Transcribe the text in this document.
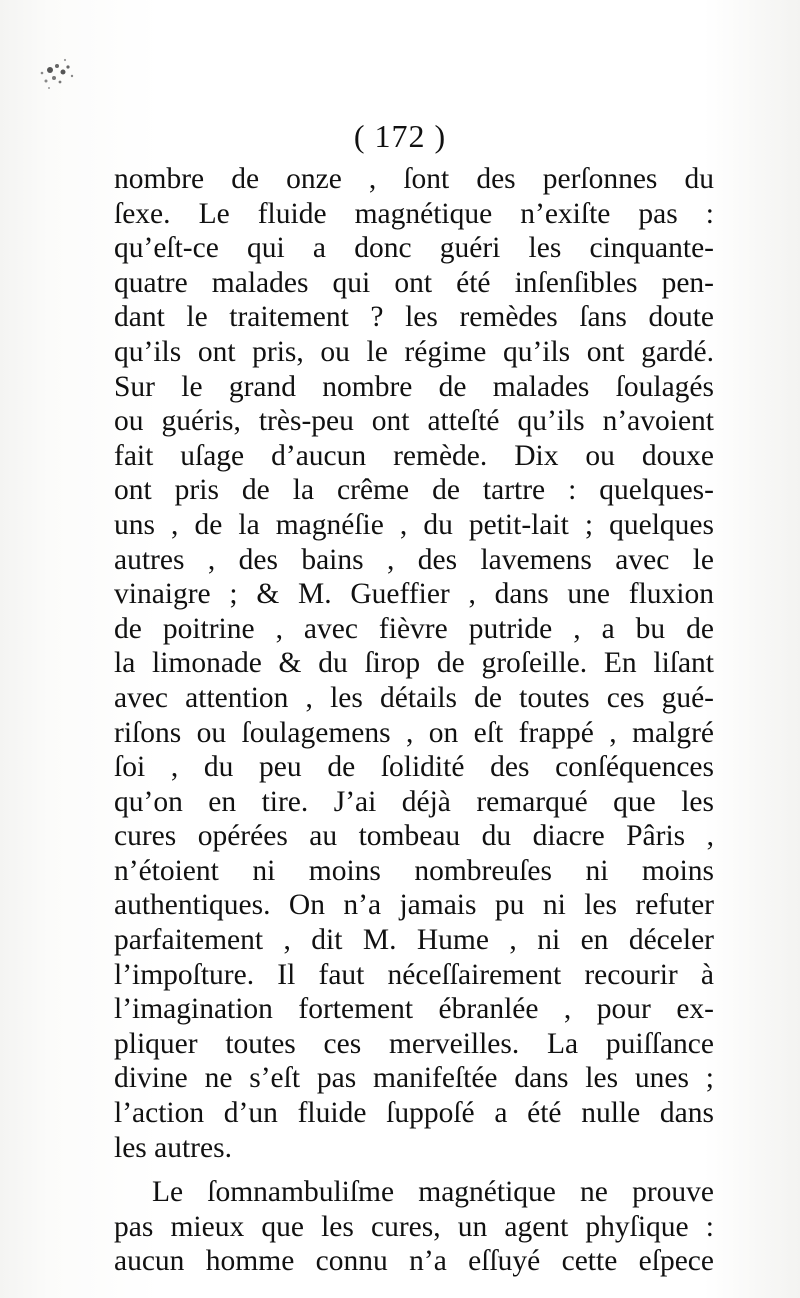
( 172 )
nombre de onze , ſont des perſonnes du
ſexe. Le fluide magnétique n’exiſte pas :
qu’eſt-ce qui a donc guéri les cinquante-
quatre malades qui ont été inſenſibles pen-
dant le traitement ? les remèdes ſans doute
qu’ils ont pris, ou le régime qu’ils ont gardé.
Sur le grand nombre de malades ſoulagés
ou guéris, très-peu ont atteſté qu’ils n’avoient
fait uſage d’aucun remède. Dix ou douxe
ont pris de la crême de tartre : quelques-
uns , de la magnéſie , du petit-lait ; quelques
autres , des bains , des lavemens avec le
vinaigre ; & M. Gueffier , dans une fluxion
de poitrine , avec fièvre putride , a bu de
la limonade & du ſirop de groſeille. En liſant
avec attention , les détails de toutes ces gué-
riſons ou ſoulagemens , on eſt frappé , malgré
ſoi , du peu de ſolidité des conſéquences
qu’on en tire. J’ai déjà remarqué que les
cures opérées au tombeau du diacre Pâris ,
n’étoient ni moins nombreuſes ni moins
authentiques. On n’a jamais pu ni les refuter
parfaitement , dit M. Hume , ni en déceler
l’impoſture. Il faut néceſſairement recourir à
l’imagination fortement ébranlée , pour ex-
pliquer toutes ces merveilles. La puiſſance
divine ne s’eſt pas manifeſtée dans les unes ;
l’action d’un fluide ſuppoſé a été nulle dans
les autres.
Le ſomnambuliſme magnétique ne prouve
pas mieux que les cures, un agent phyſique :
aucun homme connu n’a eſſuyé cette eſpece
